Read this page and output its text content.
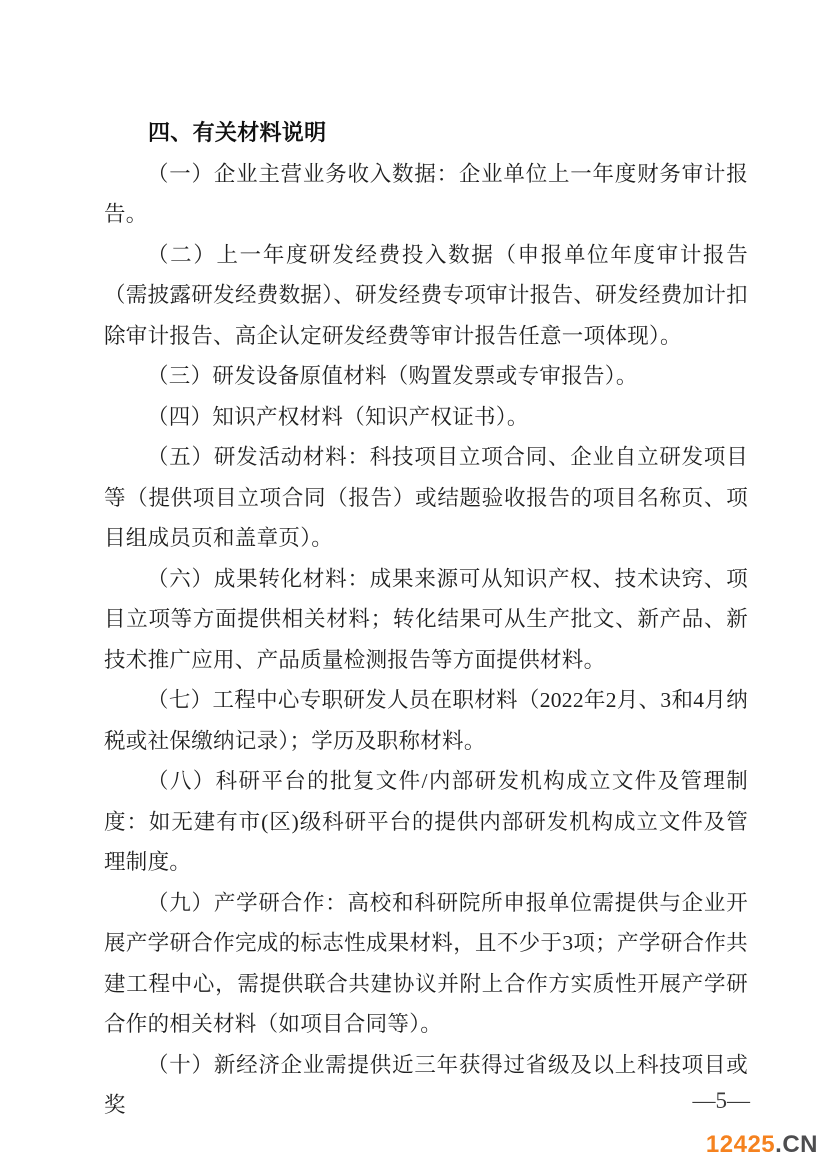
四、有关材料说明

（一）企业主营业务收入数据：企业单位上一年度财务审计报告。

（二）上一年度研发经费投入数据（申报单位年度审计报告（需披露研发经费数据）、研发经费专项审计报告、研发经费加计扣除审计报告、高企认定研发经费等审计报告任意一项体现）。

（三）研发设备原值材料（购置发票或专审报告）。

（四）知识产权材料（知识产权证书）。

（五）研发活动材料：科技项目立项合同、企业自立研发项目等（提供项目立项合同（报告）或结题验收报告的项目名称页、项目组成员页和盖章页）。

（六）成果转化材料：成果来源可从知识产权、技术诀窍、项目立项等方面提供相关材料；转化结果可从生产批文、新产品、新技术推广应用、产品质量检测报告等方面提供材料。

（七）工程中心专职研发人员在职材料（2022年2月、3和4月纳税或社保缴纳记录）；学历及职称材料。

（八）科研平台的批复文件/内部研发机构成立文件及管理制度：如无建有市(区)级科研平台的提供内部研发机构成立文件及管理制度。

（九）产学研合作：高校和科研院所申报单位需提供与企业开展产学研合作完成的标志性成果材料，且不少于3项；产学研合作共建工程中心，需提供联合共建协议并附上合作方实质性开展产学研合作的相关材料（如项目合同等）。

（十）新经济企业需提供近三年获得过省级及以上科技项目或奖	—5—
12425.CN
